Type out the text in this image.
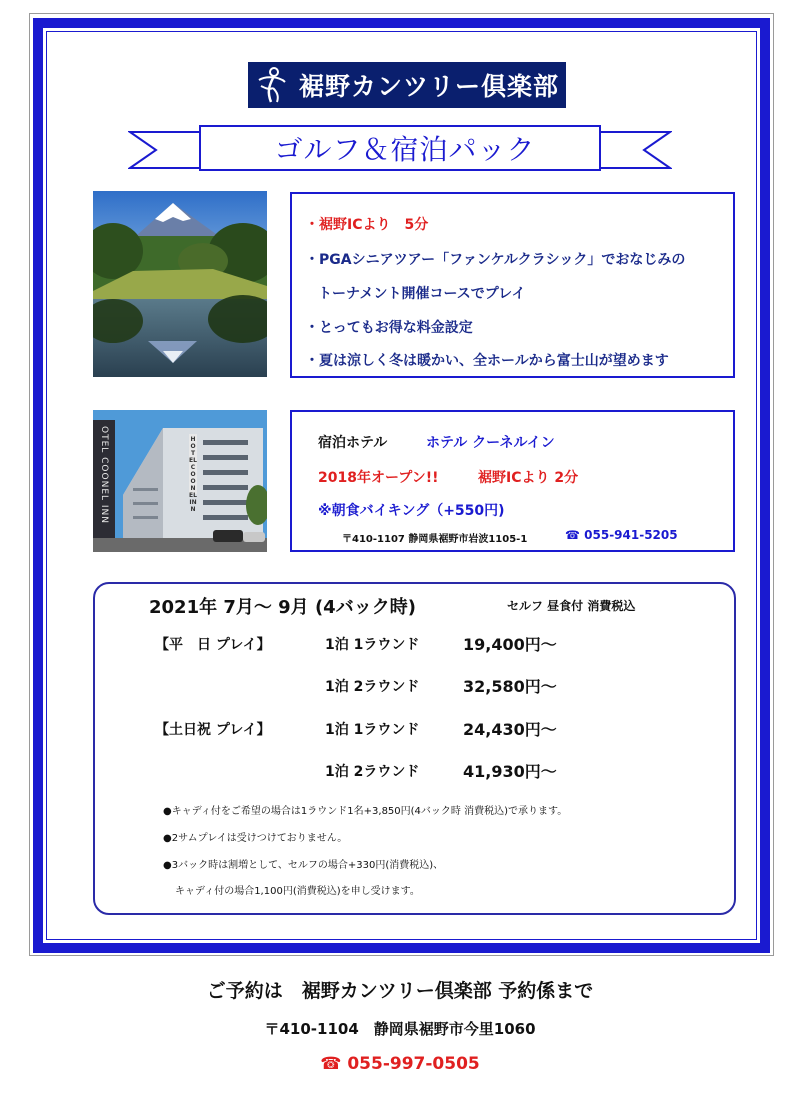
裾野カンツリー倶楽部
ゴルフ＆宿泊パック
・裾野ICより　5分
・PGAシニアツアー「ファンケルクラシック」でおなじみの
トーナメント開催コースでプレイ
・とってもお得な料金設定
・夏は涼しく冬は暖かい、全ホールから富士山が望めます
HOTEL COONEL INN
OTEL COONEL INN	宿泊ホテル	ホテル クーネルイン
2018年オープン!!	裾野ICより 2分
※朝食バイキング（+550円)
〒410-1107 静岡県裾野市岩波1105-1	☎ 055-941-5205
2021年 7月～ 9月 (4バック時)	セルフ 昼食付 消費税込
【平　日 プレイ】	1泊 1ラウンド	19,400円～
1泊 2ラウンド	32,580円～
【土日祝 プレイ】	1泊 1ラウンド	24,430円～
1泊 2ラウンド	41,930円～
●キャディ付をご希望の場合は1ラウンド1名+3,850円(4バック時 消費税込)で承ります。
●2サムプレイは受けつけておりません。
●3バック時は割増として、セルフの場合+330円(消費税込)、
キャディ付の場合1,100円(消費税込)を申し受けます。
ご予約は　裾野カンツリー倶楽部 予約係まで
〒410-1104　静岡県裾野市今里1060
☎ 055-997-0505
